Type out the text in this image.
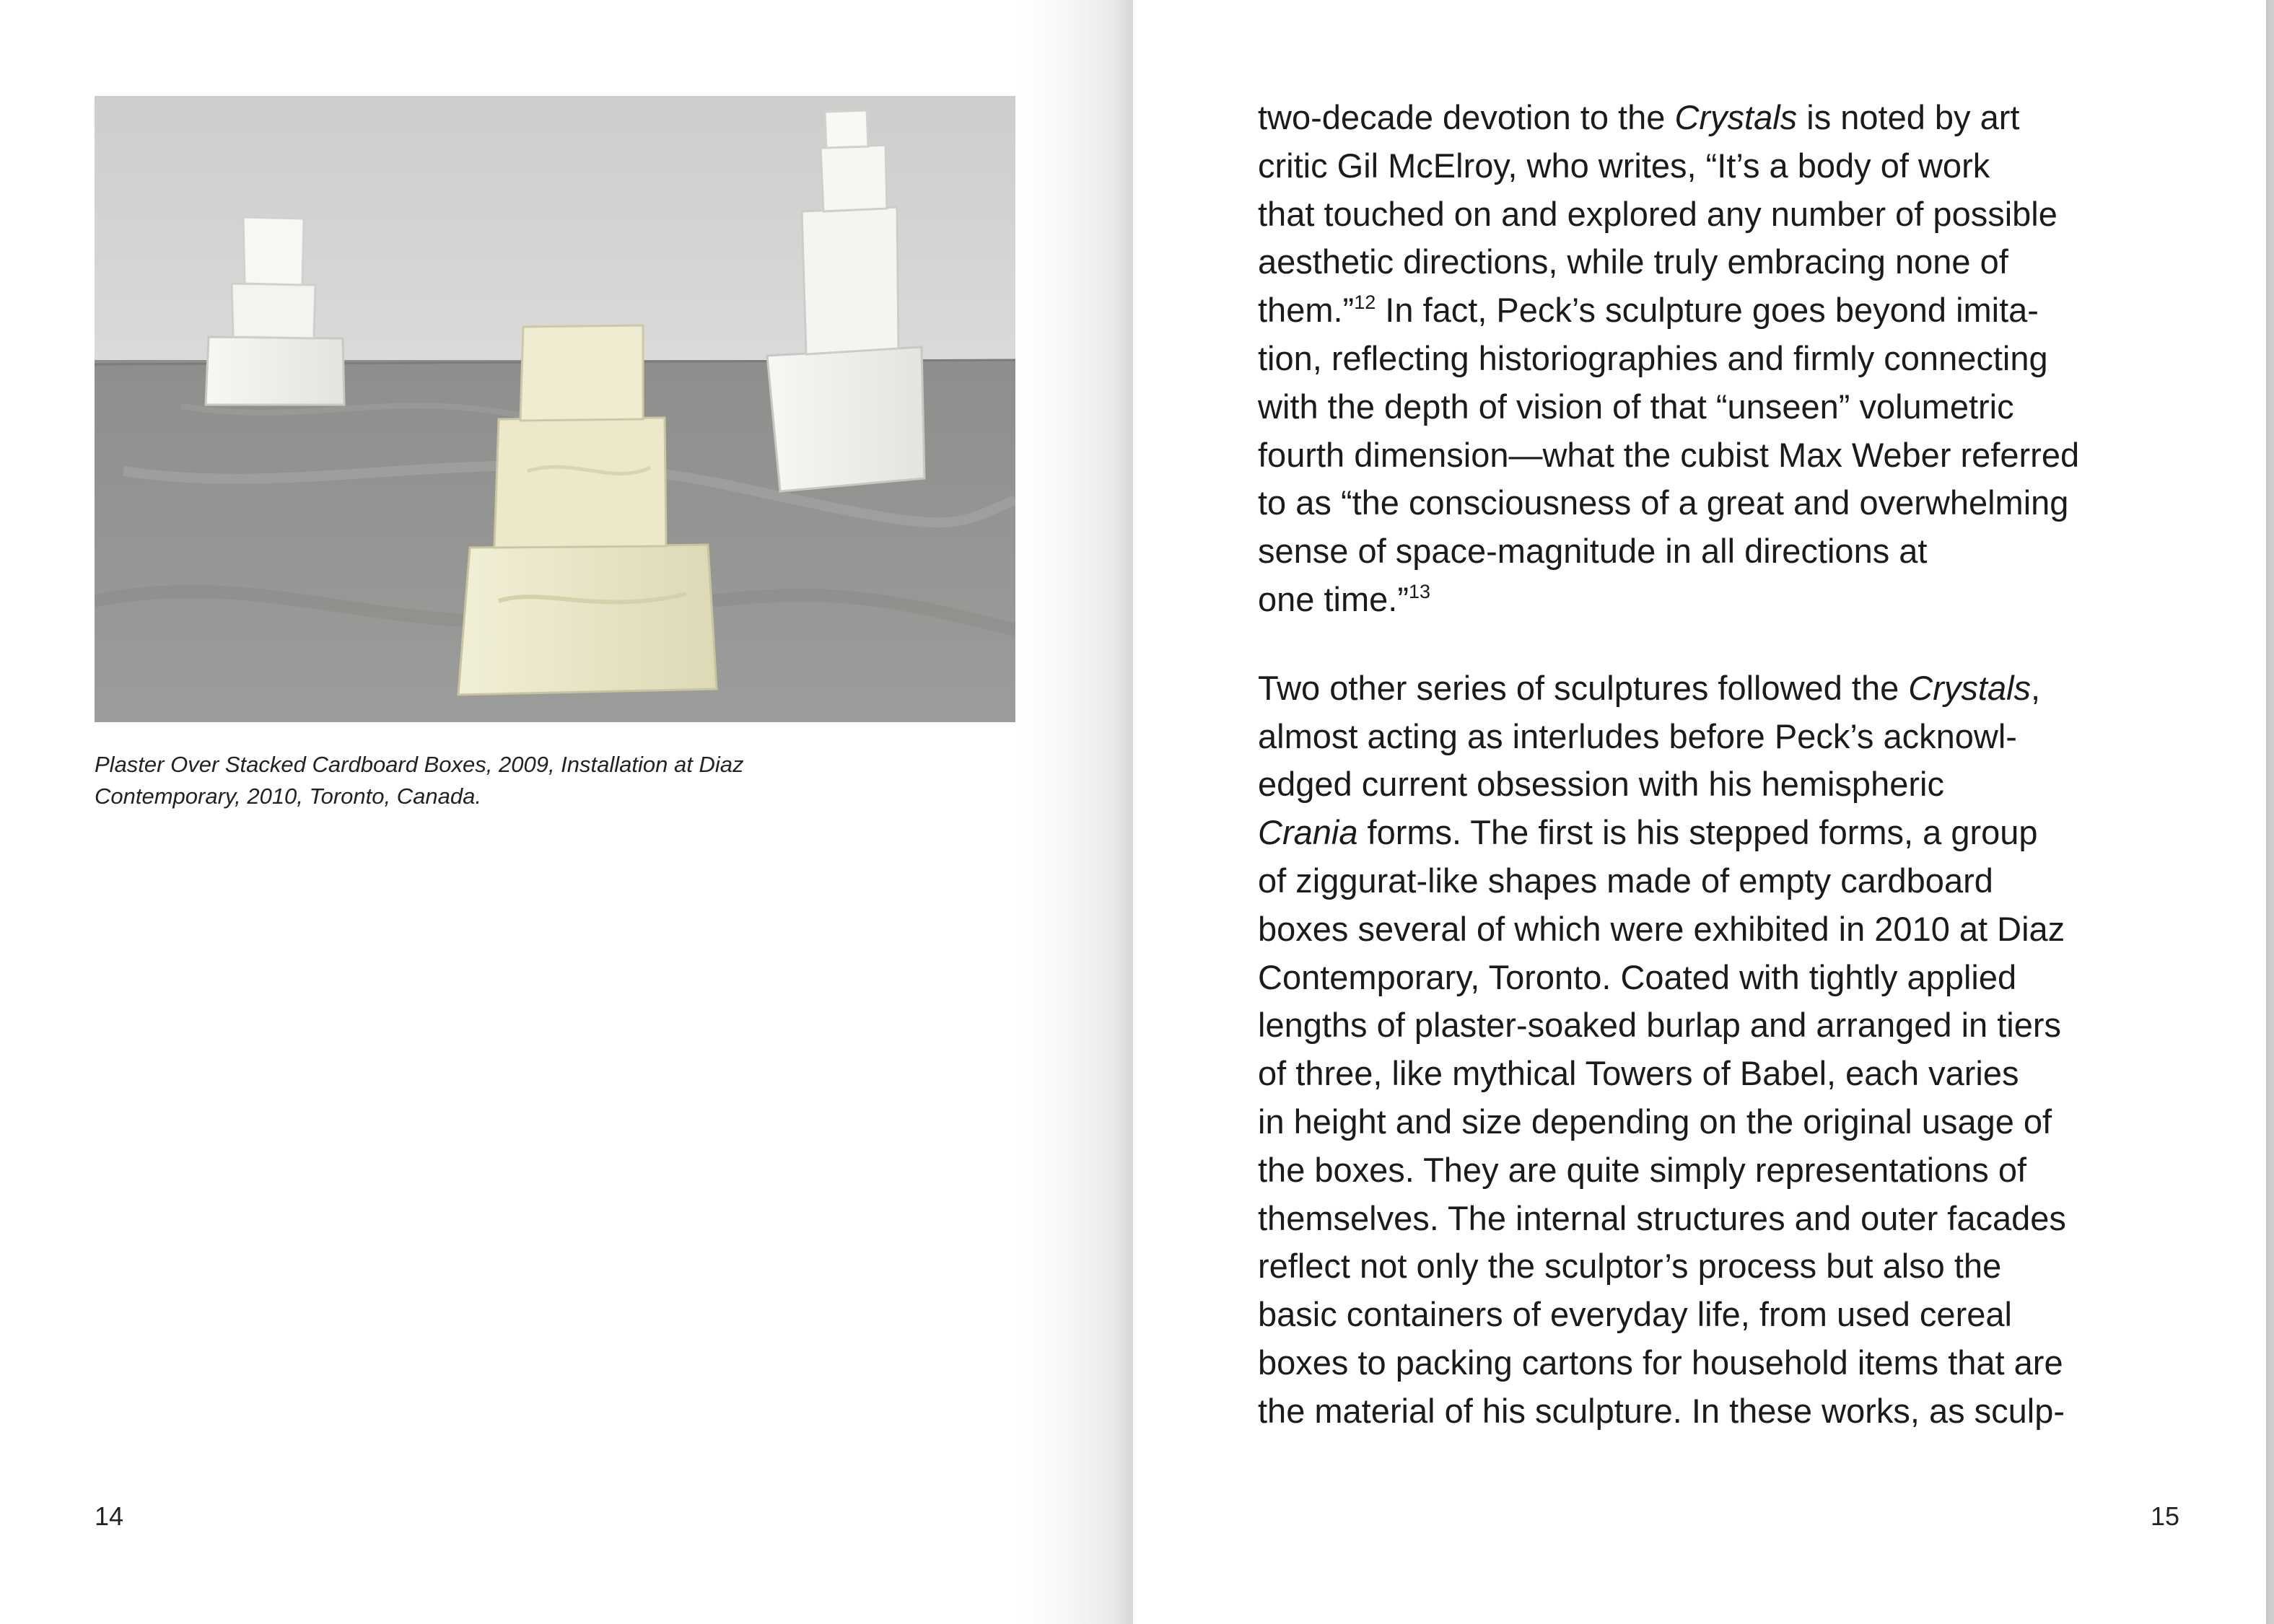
Plaster Over Stacked Cardboard Boxes, 2009, Installation at Diaz
Contemporary, 2010, Toronto, Canada.
14

two-decade devotion to the Crystals is noted by art
critic Gil McElroy, who writes, “It’s a body of work
that touched on and explored any number of possible
aesthetic directions, while truly embracing none of
them.”$^{12}$ In fact, Peck’s sculpture goes beyond imita-
tion, reflecting historiographies and firmly connecting
with the depth of vision of that “unseen” volumetric
fourth dimension—what the cubist Max Weber referred
to as “the consciousness of a great and overwhelming
sense of space-magnitude in all directions at
one time.”$^{13}$

Two other series of sculptures followed the Crystals,
almost acting as interludes before Peck’s acknowl-
edged current obsession with his hemispheric
Crania forms. The first is his stepped forms, a group
of ziggurat-like shapes made of empty cardboard
boxes several of which were exhibited in 2010 at Diaz
Contemporary, Toronto. Coated with tightly applied
lengths of plaster-soaked burlap and arranged in tiers
of three, like mythical Towers of Babel, each varies
in height and size depending on the original usage of
the boxes. They are quite simply representations of
themselves. The internal structures and outer facades
reflect not only the sculptor’s process but also the
basic containers of everyday life, from used cereal
boxes to packing cartons for household items that are
the material of his sculpture. In these works, as sculp-

15
